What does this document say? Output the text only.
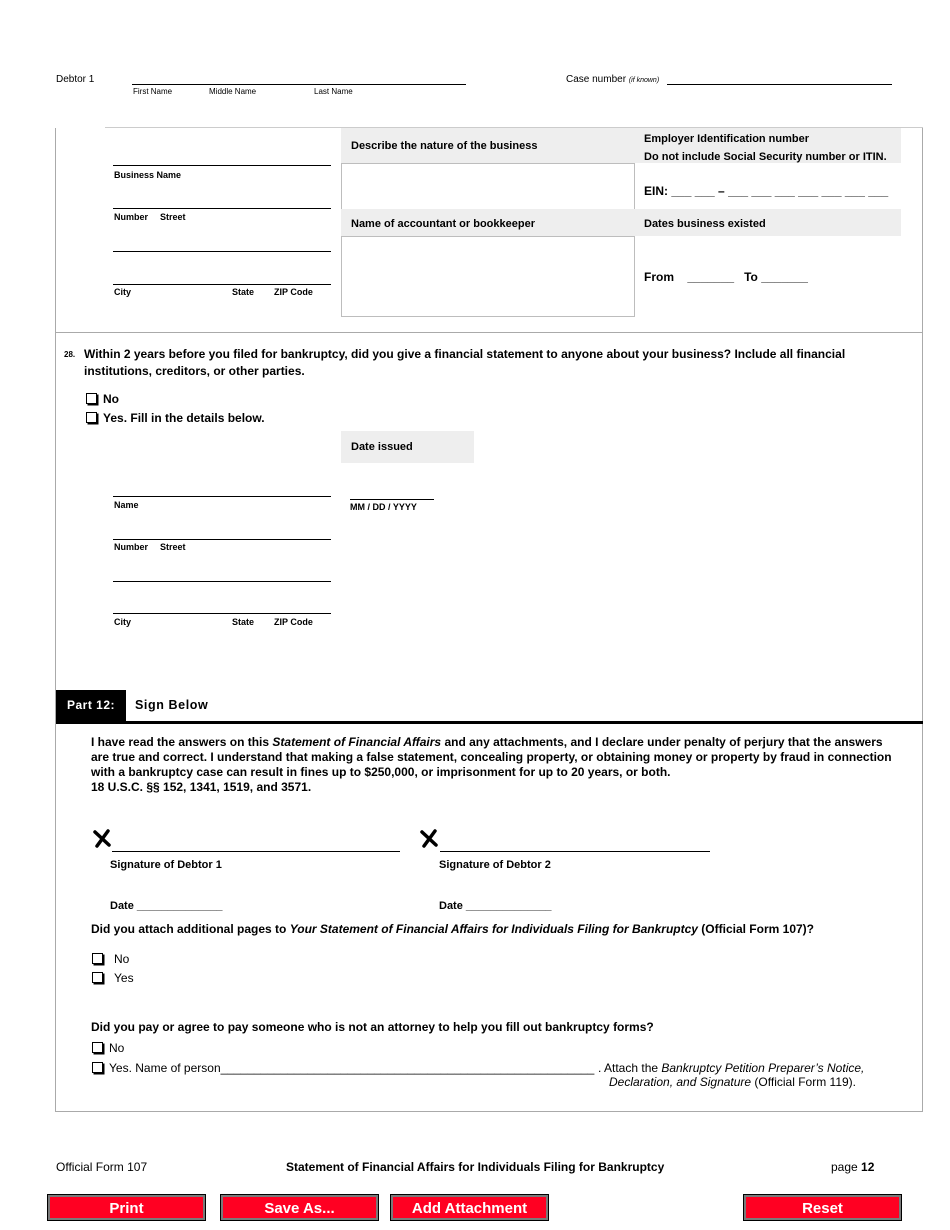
Debtor 1
First Name	Middle Name	Last Name
Case number (if known)
Business Name
Number Street
City	State ZIP Code
Describe the nature of the business
Name of accountant or bookkeeper
Employer Identification number
Do not include Social Security number or ITIN.
EIN: ___ ___ – ___ ___ ___ ___ ___ ___ ___
Dates business existed
From _______ To _______
28. Within 2 years before you filed for bankruptcy, did you give a financial statement to anyone about your business? Include all financial institutions, creditors, or other parties.
No
Yes. Fill in the details below.
Date issued
MM / DD / YYYY
Name
Number Street
City	State ZIP Code
Part 12:	Sign Below
I have read the answers on this Statement of Financial Affairs and any attachments, and I declare under penalty of perjury that the answers are true and correct. I understand that making a false statement, concealing property, or obtaining money or property by fraud in connection with a bankruptcy case can result in fines up to $250,000, or imprisonment for up to 20 years, or both.
18 U.S.C. §§ 152, 1341, 1519, and 3571.
Signature of Debtor 1	Signature of Debtor 2
Date ______________	Date ______________
Did you attach additional pages to Your Statement of Financial Affairs for Individuals Filing for Bankruptcy (Official Form 107)?
No
Yes
Did you pay or agree to pay someone who is not an attorney to help you fill out bankruptcy forms?
No
Yes. Name of person________________________________________________________ . Attach the Bankruptcy Petition Preparer’s Notice,
Declaration, and Signature (Official Form 119).
Official Form 107	Statement of Financial Affairs for Individuals Filing for Bankruptcy	page 12
Print	Save As...	Add Attachment	Reset
